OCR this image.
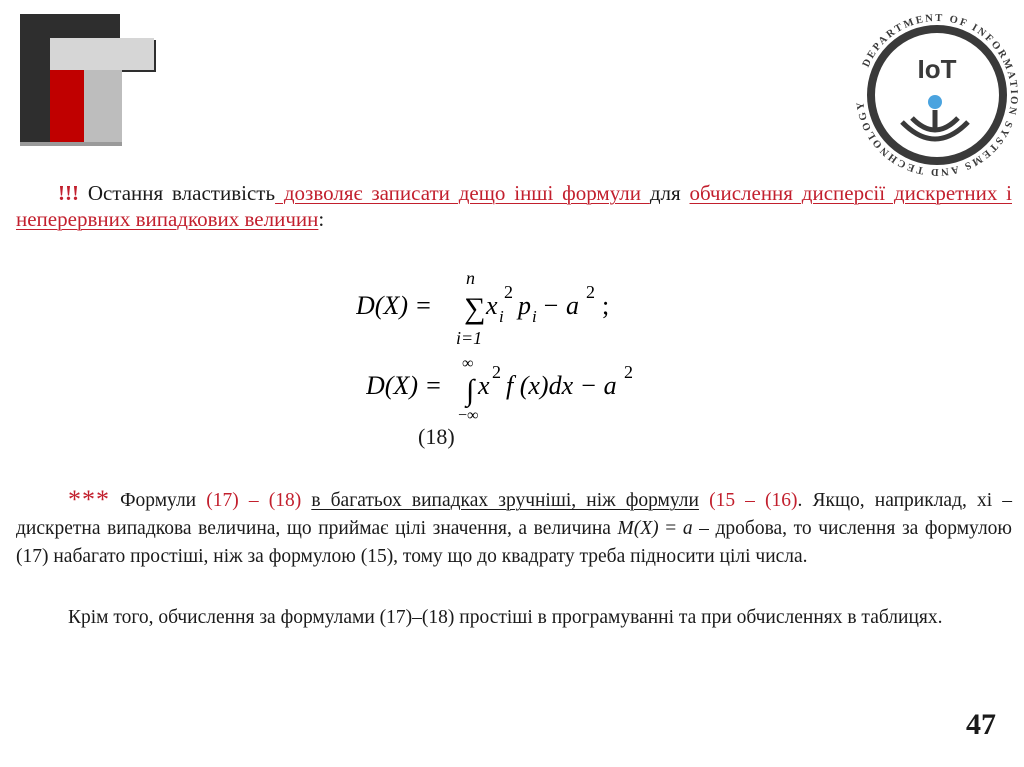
DEPARTMENT OF INFORMATION SYSTEMS AND TECHNOLOGY
IoT
!!! Остання властивість дозволяє записати дещо інші формули для обчислення дисперсії дискретних і неперервних випадкових величин:
D(X) = ∑
n
i=1
x i
2 p i − a 2 ;
D(X) =
∞
∫
−∞
x 2 f (x)dx − a 2
(18)
*** Формули (17) – (18) в багатьох випадках зручніші, ніж формули (15 – (16). Якщо, наприклад, хі – дискретна випадкова величина, що приймає цілі значення, а величина M(X) = a – дробова, то числення за формулою (17) набагато простіші, ніж за формулою (15), тому що до квадрату треба підносити цілі числа.
Крім того, обчислення за формулами (17)–(18) простіші в програмуванні та при обчисленнях в таблицях.
47
